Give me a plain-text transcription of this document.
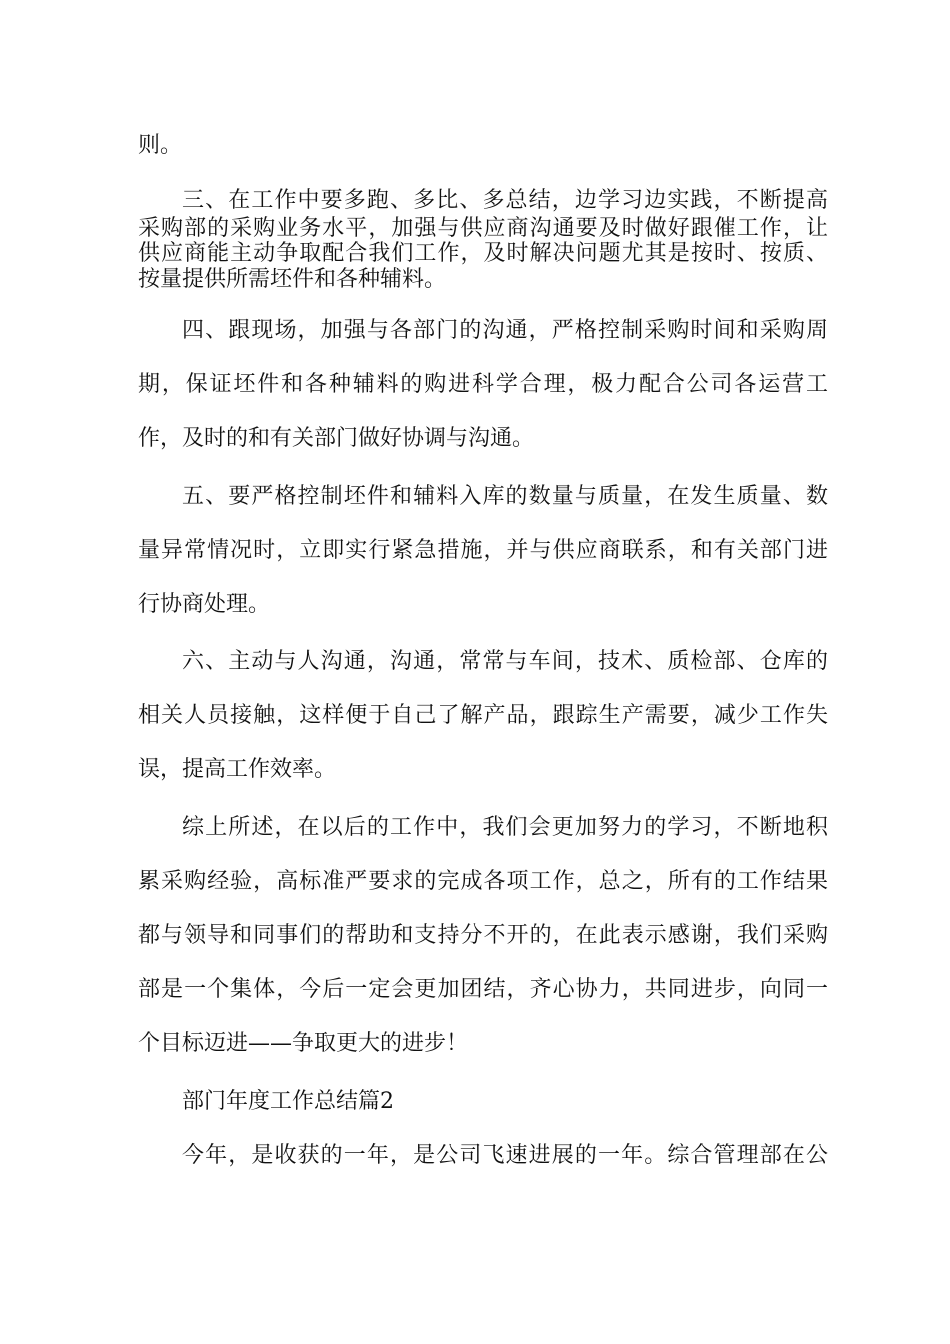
则。
三、在工作中要多跑、多比、多总结，边学习边实践，不断提高
采购部的采购业务水平，加强与供应商沟通要及时做好跟催工作，让
供应商能主动争取配合我们工作，及时解决问题尤其是按时、按质、
按量提供所需坯件和各种辅料。
四、跟现场，加强与各部门的沟通，严格控制采购时间和采购周
期，保证坯件和各种辅料的购进科学合理，极力配合公司各运营工
作，及时的和有关部门做好协调与沟通。
五、要严格控制坯件和辅料入库的数量与质量，在发生质量、数
量异常情况时，立即实行紧急措施，并与供应商联系，和有关部门进
行协商处理。
六、主动与人沟通，沟通，常常与车间，技术、质检部、仓库的
相关人员接触，这样便于自己了解产品，跟踪生产需要，减少工作失
误，提高工作效率。
综上所述，在以后的工作中，我们会更加努力的学习，不断地积
累采购经验，高标准严要求的完成各项工作，总之，所有的工作结果
都与领导和同事们的帮助和支持分不开的，在此表示感谢，我们采购
部是一个集体，今后一定会更加团结，齐心协力，共同进步，向同一
个目标迈进——争取更大的进步！
部门年度工作总结篇2
今年，是收获的一年，是公司飞速进展的一年。综合管理部在公
